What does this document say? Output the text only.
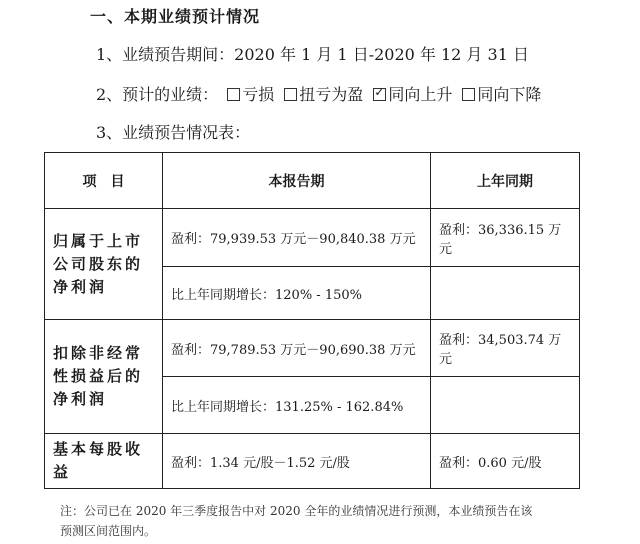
一、本期业绩预计情况
1、业绩预告期间：2020 年 1 月 1 日-2020 年 12 月 31 日
2、预计的业绩： 亏损 扭亏为盈 ✓ 同向上升 同向下降
3、业绩预告情况表：
项　目	本报告期	上年同期
归属于上市公司股东的净利润	盈利：79,939.53 万元－90,840.38 万元	盈利：36,336.15 万元
	比上年同期增长：120% - 150%	
扣除非经常性损益后的净利润	盈利：79,789.53 万元－90,690.38 万元	盈利：34,503.74 万元
	比上年同期增长：131.25% - 162.84%	
基本每股收益	盈利：1.34 元/股－1.52 元/股	盈利：0.60 元/股
注：公司已在 2020 年三季度报告中对 2020 全年的业绩情况进行预测，本业绩预告在该
预测区间范围内。
